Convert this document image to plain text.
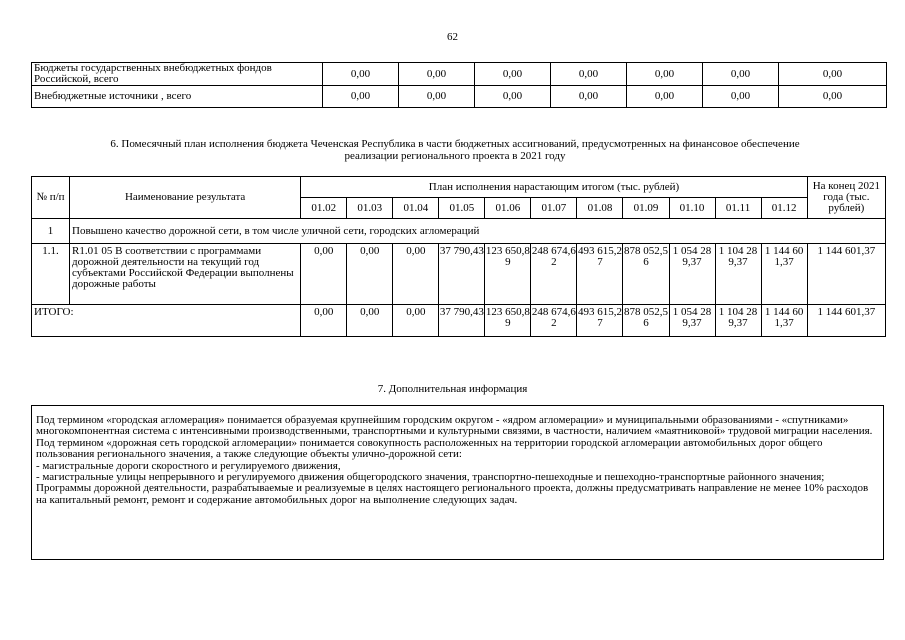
62
Бюджеты государственных внебюджетных фондов Российской, всего	0,00	0,00	0,00	0,00	0,00	0,00	0,00
Внебюджетные источники , всего	0,00	0,00	0,00	0,00	0,00	0,00	0,00
6. Помесячный план исполнения бюджета Чеченская Республика в части бюджетных ассигнований, предусмотренных на финансовое обеспечение
реализации регионального проекта в 2021 году
№ п/п	Наименование результата	План исполнения нарастающим итогом (тыс. рублей)											На конец 2021 года (тыс. рублей)
		01.02	01.03	01.04	01.05	01.06	01.07	01.08	01.09	01.10	01.11	01.12	
1	Повышено качество дорожной сети, в том числе уличной сети, городских агломераций												
1.1.	R1.01 05 В соответствии с программами дорожной деятельности на текущий год субъектами Российской Федерации выполнены дорожные работы	0,00	0,00	0,00	37 790,43	123 650,89	248 674,62	493 615,27	878 052,56	1 054 289,37	1 104 289,37	1 144 601,37	1 144 601,37
ИТОГО:		0,00	0,00	0,00	37 790,43	123 650,89	248 674,62	493 615,27	878 052,56	1 054 289,37	1 104 289,37	1 144 601,37	1 144 601,37
7. Дополнительная информация

Под термином «городская агломерация» понимается образуемая крупнейшим городским округом - «ядром агломерации» и муниципальными образованиями - «спутниками» многокомпонентная система с интенсивными производственными, транспортными и культурными связями, в частности, наличием «маятниковой» трудовой миграции населения.

Под термином «дорожная сеть городской агломерации» понимается совокупность расположенных на территории городской агломерации автомобильных дорог общего пользования регионального значения, а также следующие объекты улично-дорожной сети:

- магистральные дороги скоростного и регулируемого движения,

- магистральные улицы непрерывного и регулируемого движения общегородского значения, транспортно-пешеходные и пешеходно-транспортные районного значения;

Программы дорожной деятельности, разрабатываемые и реализуемые в целях настоящего регионального проекта, должны предусматривать направление не менее 10% расходов на капитальный ремонт, ремонт и содержание автомобильных дорог на выполнение следующих задач.
